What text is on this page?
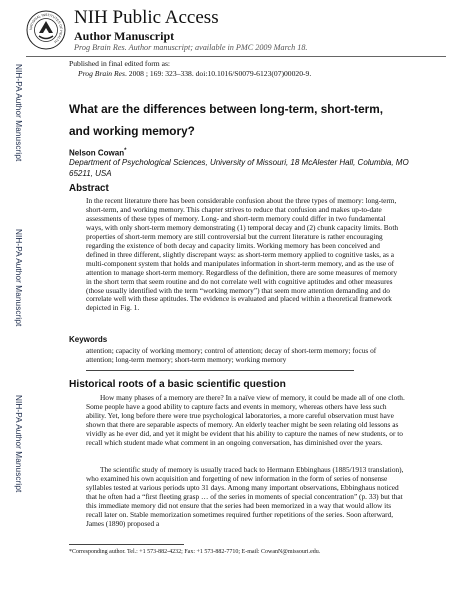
NIH-PA Author Manuscript
NIH-PA Author Manuscript
NIH-PA Author Manuscript
NATIONAL INSTITUTES OF HEALTH
NIH Public Access
Author Manuscript
Prog Brain Res. Author manuscript; available in PMC 2009 March 18.
Published in final edited form as:
Prog Brain Res. 2008 ; 169: 323–338. doi:10.1016/S0079-6123(07)00020-9.
What are the differences between long-term, short-term, and working memory?
Nelson Cowan*
Department of Psychological Sciences, University of Missouri, 18 McAlester Hall, Columbia, MO 65211, USA
Abstract

In the recent literature there has been considerable confusion about the three types of memory: long-term, short-term, and working memory. This chapter strives to reduce that confusion and makes up-to-date assessments of these types of memory. Long- and short-term memory could differ in two fundamental ways, with only short-term memory demonstrating (1) temporal decay and (2) chunk capacity limits. Both properties of short-term memory are still controversial but the current literature is rather encouraging regarding the existence of both decay and capacity limits. Working memory has been conceived and defined in three different, slightly discrepant ways: as short-term memory applied to cognitive tasks, as a multi-component system that holds and manipulates information in short-term memory, and as the use of attention to manage short-term memory. Regardless of the definition, there are some measures of memory in the short term that seem routine and do not correlate well with cognitive aptitudes and other measures (those usually identified with the term “working memory”) that seem more attention demanding and do correlate well with these aptitudes. The evidence is evaluated and placed within a theoretical framework depicted in Fig. 1.

Keywords

attention; capacity of working memory; control of attention; decay of short-term memory; focus of attention; long-term memory; short-term memory; working memory

Historical roots of a basic scientific question

How many phases of a memory are there? In a naïve view of memory, it could be made all of one cloth. Some people have a good ability to capture facts and events in memory, whereas others have less such ability. Yet, long before there were true psychological laboratories, a more careful observation must have shown that there are separable aspects of memory. An elderly teacher might be seen relating old lessons as vividly as he ever did, and yet it might be evident that his ability to capture the names of new students, or to recall which student made what comment in an ongoing conversation, has diminished over the years.

The scientific study of memory is usually traced back to Hermann Ebbinghaus (1885/1913 translation), who examined his own acquisition and forgetting of new information in the form of series of nonsense syllables tested at various periods upto 31 days. Among many important observations, Ebbinghaus noticed that he often had a “first fleeting grasp … of the series in moments of special concentration” (p. 33) but that this immediate memory did not ensure that the series had been memorized in a way that would allow its recall later on. Stable memorization sometimes required further repetitions of the series. Soon afterward, James (1890) proposed a

*Corresponding author. Tel.: +1 573-882-4232; Fax: +1 573-882-7710; E-mail: CowanN@missouri.edu.
